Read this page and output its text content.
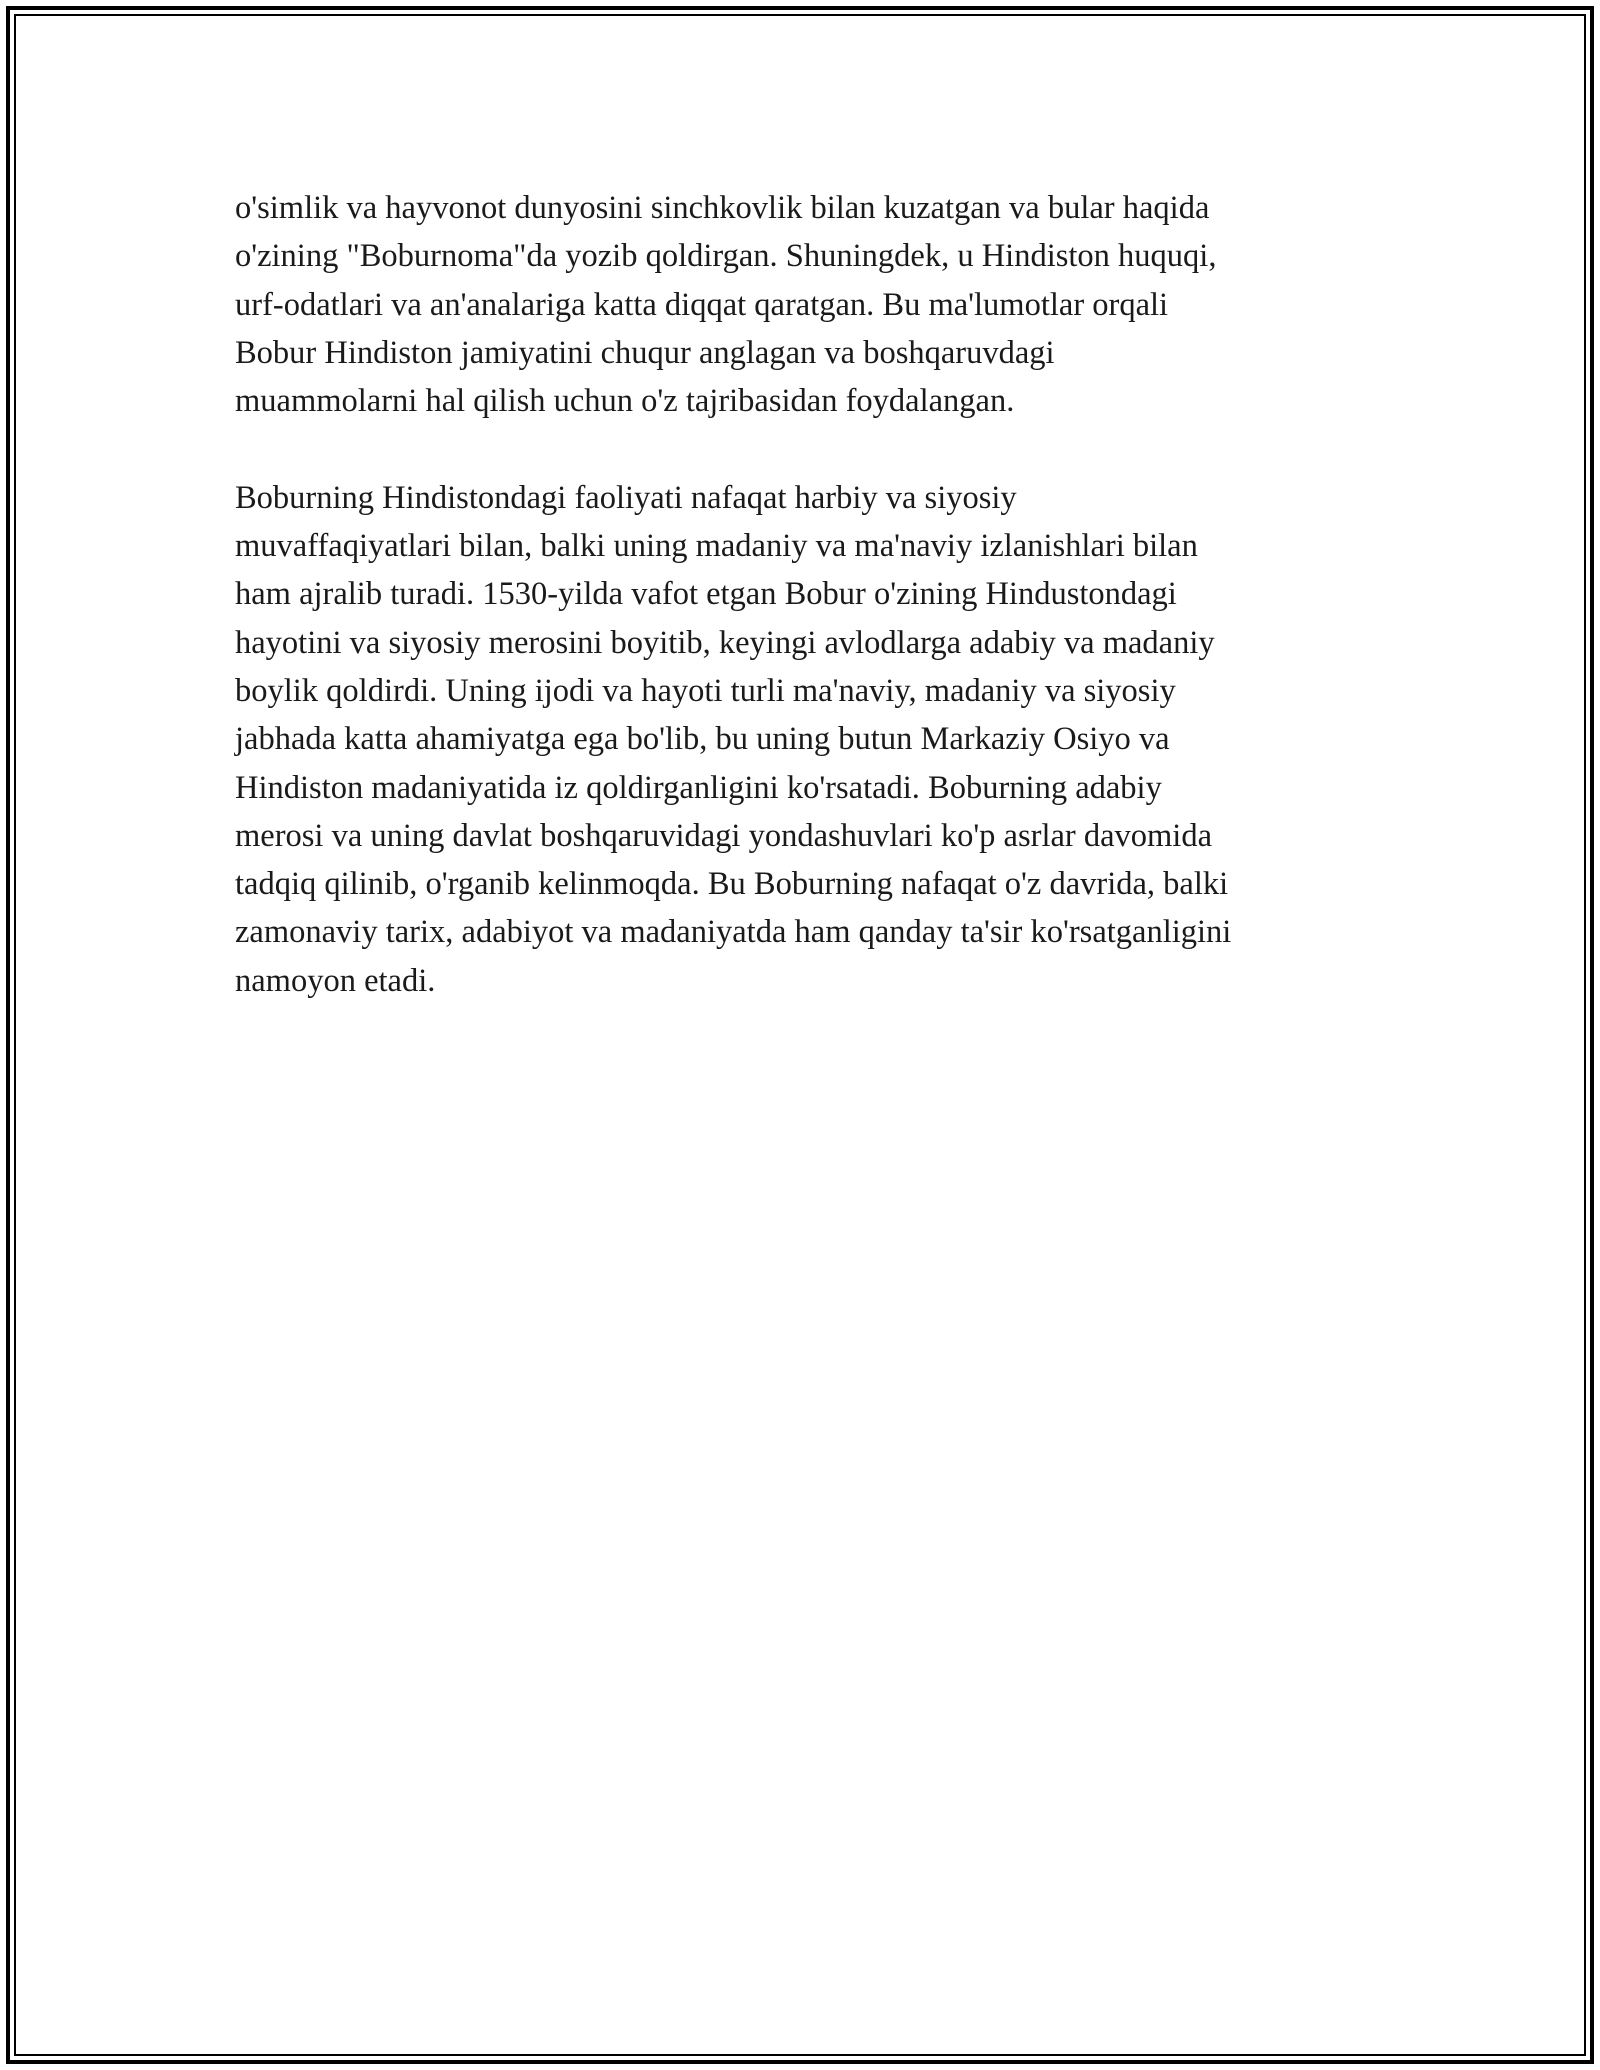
o'simlik va hayvonot dunyosini sinchkovlik bilan kuzatgan va bular haqida

o'zining "Boburnoma"da yozib qoldirgan. Shuningdek, u Hindiston huquqi,

urf-odatlari va an'analariga katta diqqat qaratgan. Bu ma'lumotlar orqali

Bobur Hindiston jamiyatini chuqur anglagan va boshqaruvdagi

muammolarni hal qilish uchun o'z tajribasidan foydalangan.

Boburning Hindistondagi faoliyati nafaqat harbiy va siyosiy

muvaffaqiyatlari bilan, balki uning madaniy va ma'naviy izlanishlari bilan

ham ajralib turadi. 1530-yilda vafot etgan Bobur o'zining Hindustondagi

hayotini va siyosiy merosini boyitib, keyingi avlodlarga adabiy va madaniy

boylik qoldirdi. Uning ijodi va hayoti turli ma'naviy, madaniy va siyosiy

jabhada katta ahamiyatga ega bo'lib, bu uning butun Markaziy Osiyo va

Hindiston madaniyatida iz qoldirganligini ko'rsatadi. Boburning adabiy

merosi va uning davlat boshqaruvidagi yondashuvlari ko'p asrlar davomida

tadqiq qilinib, o'rganib kelinmoqda. Bu Boburning nafaqat o'z davrida, balki

zamonaviy tarix, adabiyot va madaniyatda ham qanday ta'sir ko'rsatganligini

namoyon etadi.
